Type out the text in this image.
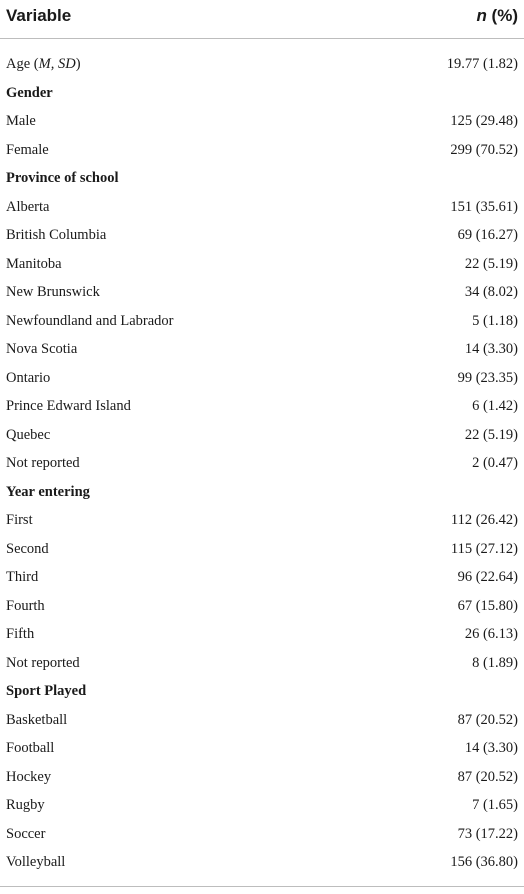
Variable	n (%)
Age (M, SD)	19.77 (1.82)
Gender
Male	125 (29.48)
Female	299 (70.52)
Province of school
Alberta	151 (35.61)
British Columbia	69 (16.27)
Manitoba	22 (5.19)
New Brunswick	34 (8.02)
Newfoundland and Labrador	5 (1.18)
Nova Scotia	14 (3.30)
Ontario	99 (23.35)
Prince Edward Island	6 (1.42)
Quebec	22 (5.19)
Not reported	2 (0.47)
Year entering
First	112 (26.42)
Second	115 (27.12)
Third	96 (22.64)
Fourth	67 (15.80)
Fifth	26 (6.13)
Not reported	8 (1.89)
Sport Played
Basketball	87 (20.52)
Football	14 (3.30)
Hockey	87 (20.52)
Rugby	7 (1.65)
Soccer	73 (17.22)
Volleyball	156 (36.80)
